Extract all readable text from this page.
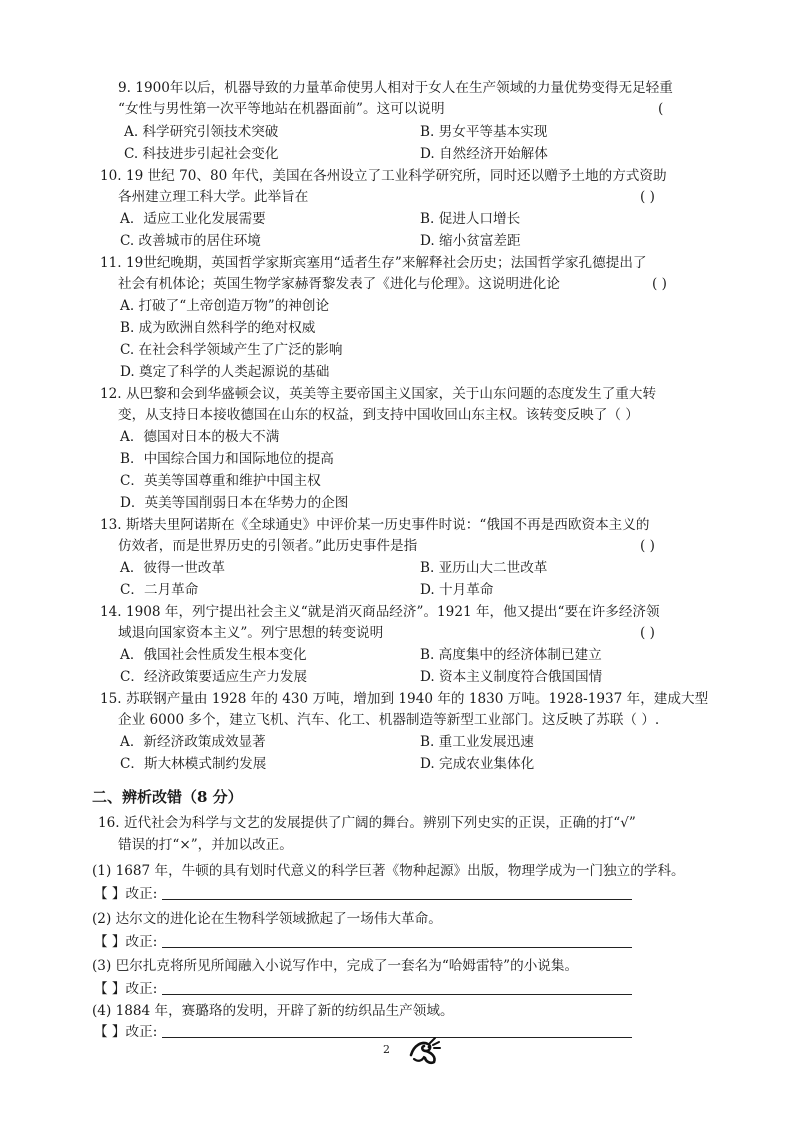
9. 1900年以后，机器导致的力量革命使男人相对于女人在生产领域的力量优势变得无足轻重
“女性与男性第一次平等地站在机器面前”。这可以说明	(
A. 科学研究引领技术突破	B. 男女平等基本实现
C. 科技进步引起社会变化	D. 自然经济开始解体
10. 19 世纪 70、80 年代，美国在各州设立了工业科学研究所，同时还以赠予土地的方式资助
各州建立理工科大学。此举旨在	( )
A．适应工业化发展需要	B. 促进人口增长
C. 改善城市的居住环境	D. 缩小贫富差距
11. 19世纪晚期，英国哲学家斯宾塞用“适者生存”来解释社会历史；法国哲学家孔德提出了
社会有机体论；英国生物学家赫胥黎发表了《进化与伦理》。这说明进化论	( )
A. 打破了“上帝创造万物”的神创论
B. 成为欧洲自然科学的绝对权威
C. 在社会科学领域产生了广泛的影响
D. 奠定了科学的人类起源说的基础
12. 从巴黎和会到华盛顿会议，英美等主要帝国主义国家，关于山东问题的态度发生了重大转
变，从支持日本接收德国在山东的权益，到支持中国收回山东主权。该转变反映了（ ）
A．德国对日本的极大不满
B．中国综合国力和国际地位的提高
C．英美等国尊重和维护中国主权
D．英美等国削弱日本在华势力的企图
13. 斯塔夫里阿诺斯在《全球通史》中评价某一历史事件时说：“俄国不再是西欧资本主义的
仿效者，而是世界历史的引领者。”此历史事件是指	( )
A．彼得一世改革	B. 亚历山大二世改革
C．二月革命	D. 十月革命
14. 1908 年，列宁提出社会主义“就是消灭商品经济”。1921 年，他又提出“要在许多经济领
域退向国家资本主义”。列宁思想的转变说明	( )
A．俄国社会性质发生根本变化	B. 高度集中的经济体制已建立
C．经济政策要适应生产力发展	D. 资本主义制度符合俄国国情
15. 苏联钢产量由 1928 年的 430 万吨，增加到 1940 年的 1830 万吨。1928-1937 年，建成大型
企业 6000 多个，建立飞机、汽车、化工、机器制造等新型工业部门。这反映了苏联（ ）.
A．新经济政策成效显著	B. 重工业发展迅速
C．斯大林模式制约发展	D. 完成农业集体化
二、辨析改错（8 分）
16. 近代社会为科学与文艺的发展提供了广阔的舞台。辨别下列史实的正误，正确的打“√”
错误的打“×”，并加以改正。
(1) 1687 年，牛顿的具有划时代意义的科学巨著《物种起源》出版，物理学成为一门独立的学科。
【 】改正:
(2) 达尔文的进化论在生物科学领域掀起了一场伟大革命。
【 】改正:
(3) 巴尔扎克将所见所闻融入小说写作中，完成了一套名为“哈姆雷特”的小说集。
【 】改正:
(4) 1884 年，赛璐珞的发明，开辟了新的纺织品生产领域。
【 】改正:
2
